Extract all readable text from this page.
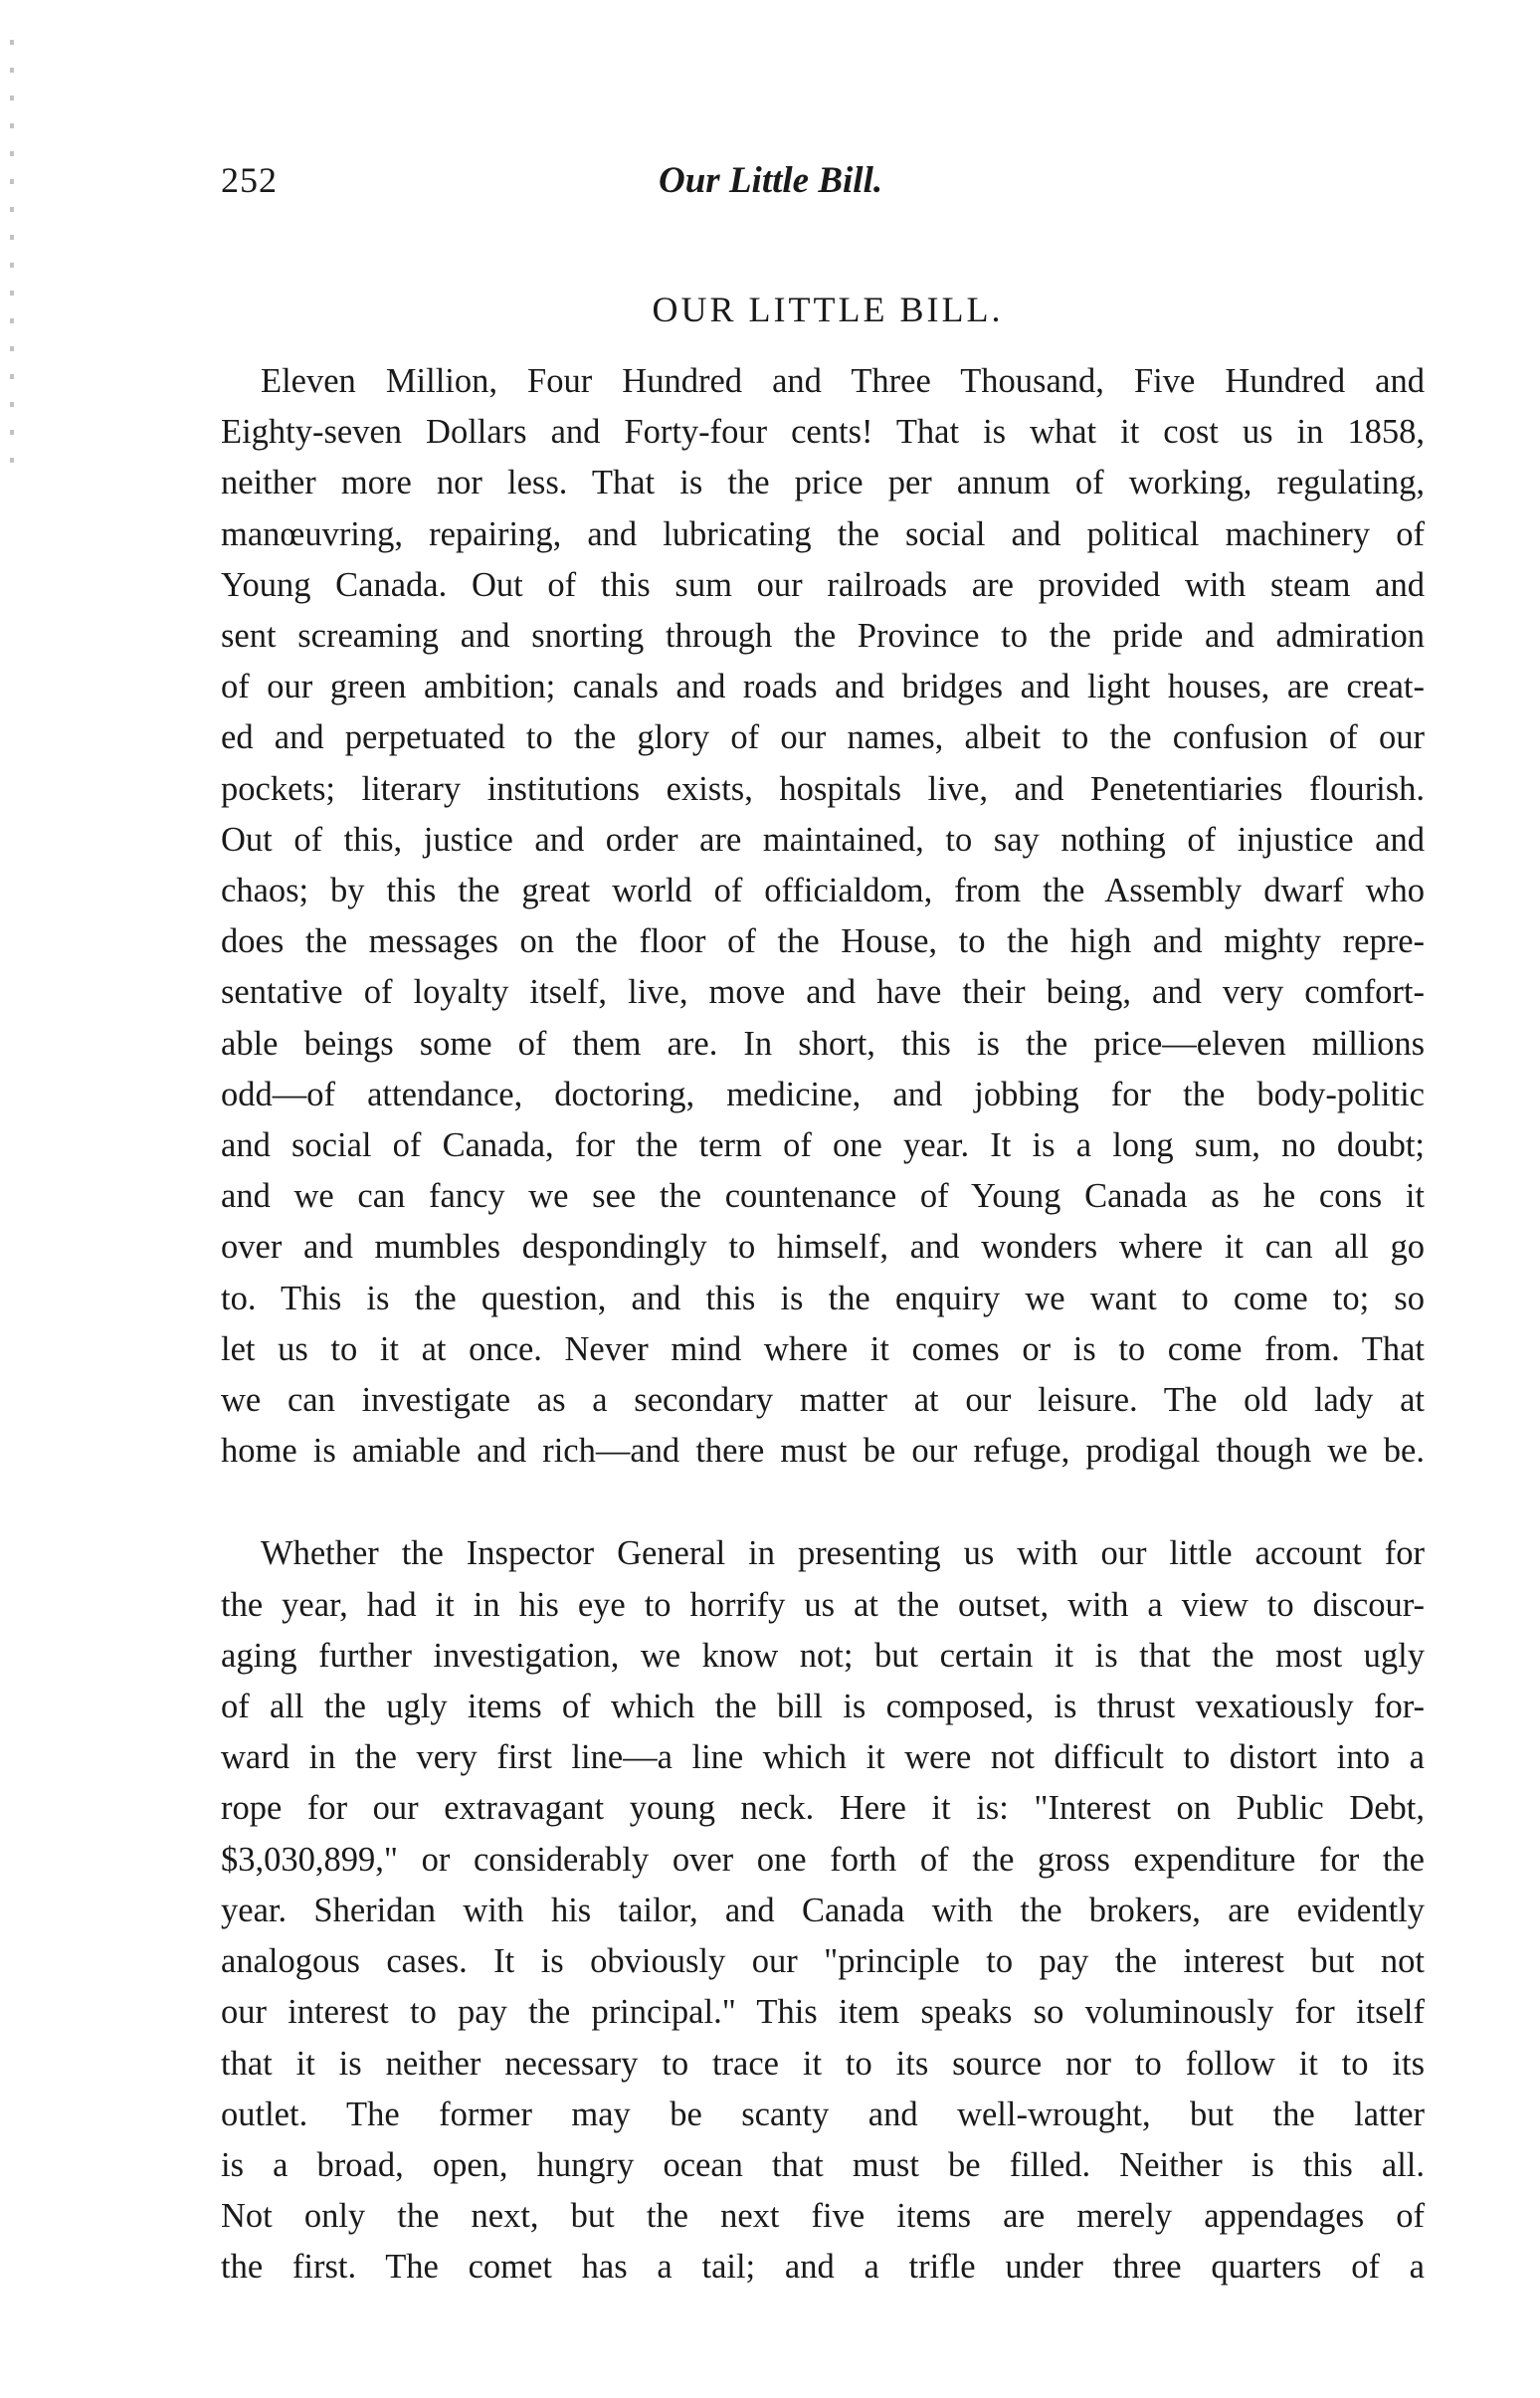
252	Our Little Bill.
OUR LITTLE BILL.
Eleven Million, Four Hundred and Three Thousand, Five Hundred and
Eighty-seven Dollars and Forty-four cents! That is what it cost us in 1858,
neither more nor less. That is the price per annum of working, regulating,
manœuvring, repairing, and lubricating the social and political machinery of
Young Canada. Out of this sum our railroads are provided with steam and
sent screaming and snorting through the Province to the pride and admiration
of our green ambition; canals and roads and bridges and light houses, are creat-
ed and perpetuated to the glory of our names, albeit to the confusion of our
pockets; literary institutions exists, hospitals live, and Penetentiaries flourish.
Out of this, justice and order are maintained, to say nothing of injustice and
chaos; by this the great world of officialdom, from the Assembly dwarf who
does the messages on the floor of the House, to the high and mighty repre-
sentative of loyalty itself, live, move and have their being, and very comfort-
able beings some of them are. In short, this is the price—eleven millions
odd—of attendance, doctoring, medicine, and jobbing for the body-politic
and social of Canada, for the term of one year. It is a long sum, no doubt;
and we can fancy we see the countenance of Young Canada as he cons it
over and mumbles despondingly to himself, and wonders where it can all go
to. This is the question, and this is the enquiry we want to come to; so
let us to it at once. Never mind where it comes or is to come from. That
we can investigate as a secondary matter at our leisure. The old lady at
home is amiable and rich—and there must be our refuge, prodigal though we be.
Whether the Inspector General in presenting us with our little account for
the year, had it in his eye to horrify us at the outset, with a view to discour-
aging further investigation, we know not; but certain it is that the most ugly
of all the ugly items of which the bill is composed, is thrust vexatiously for-
ward in the very first line—a line which it were not difficult to distort into a
rope for our extravagant young neck. Here it is: "Interest on Public Debt,
$3,030,899," or considerably over one forth of the gross expenditure for the
year. Sheridan with his tailor, and Canada with the brokers, are evidently
analogous cases. It is obviously our "principle to pay the interest but not
our interest to pay the principal." This item speaks so voluminously for itself
that it is neither necessary to trace it to its source nor to follow it to its
outlet. The former may be scanty and well-wrought, but the latter
is a broad, open, hungry ocean that must be filled. Neither is this all.
Not only the next, but the next five items are merely appendages of
the first. The comet has a tail; and a trifle under three quarters of a
